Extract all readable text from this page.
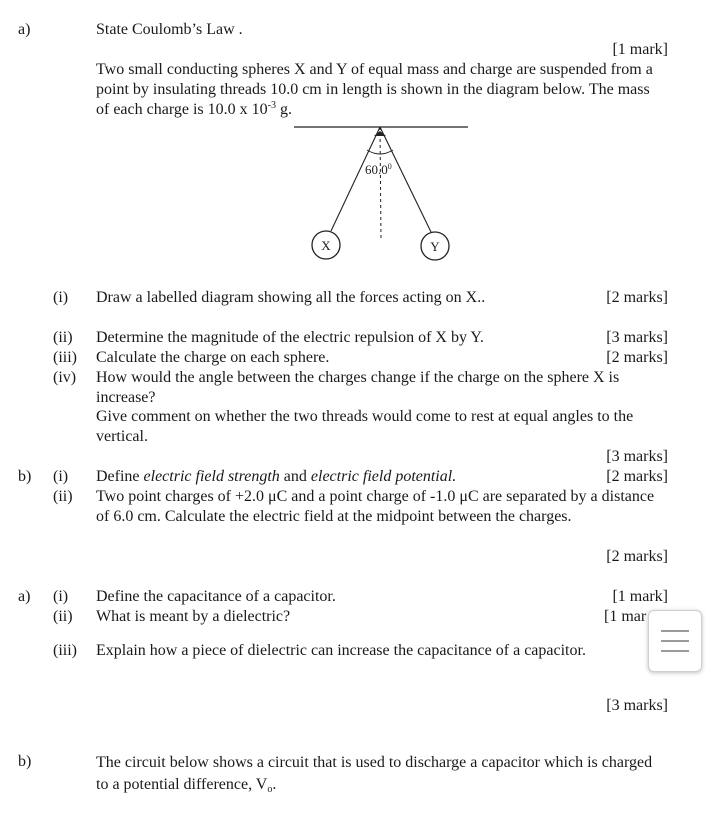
a)	State Coulomb’s Law .
[1 mark]
Two small conducting spheres X and Y of equal mass and charge are suspended from a point by insulating threads 10.0 cm in length is shown in the diagram below. The mass of each charge is 10.0 x $10^{-3}$ g.
60.0$^0$
X	Y
(i) Draw a labelled diagram showing all the forces acting on X..	[2 marks]
(ii) Determine the magnitude of the electric repulsion of X by Y.	[3 marks]
(iii) Calculate the charge on each sphere.	[2 marks]
(iv) How would the angle between the charges change if the charge on the sphere X is increase?
Give comment on whether the two threads would come to rest at equal angles to the vertical.
[3 marks]
b) (i) Define electric field strength and electric field potential.	[2 marks]
(ii) Two point charges of +2.0 μC and a point charge of -1.0 μC are separated by a distance of 6.0 cm. Calculate the electric field at the midpoint between the charges.
[2 marks]
a) (i) Define the capacitance of a capacitor.	[1 mark]
(ii) What is meant by a dielectric?	[1 mar
(iii) Explain how a piece of dielectric can increase the capacitance of a capacitor.
[3 marks]
b)	The circuit below shows a circuit that is used to discharge a capacitor which is charged to a potential difference, $V_o$.
